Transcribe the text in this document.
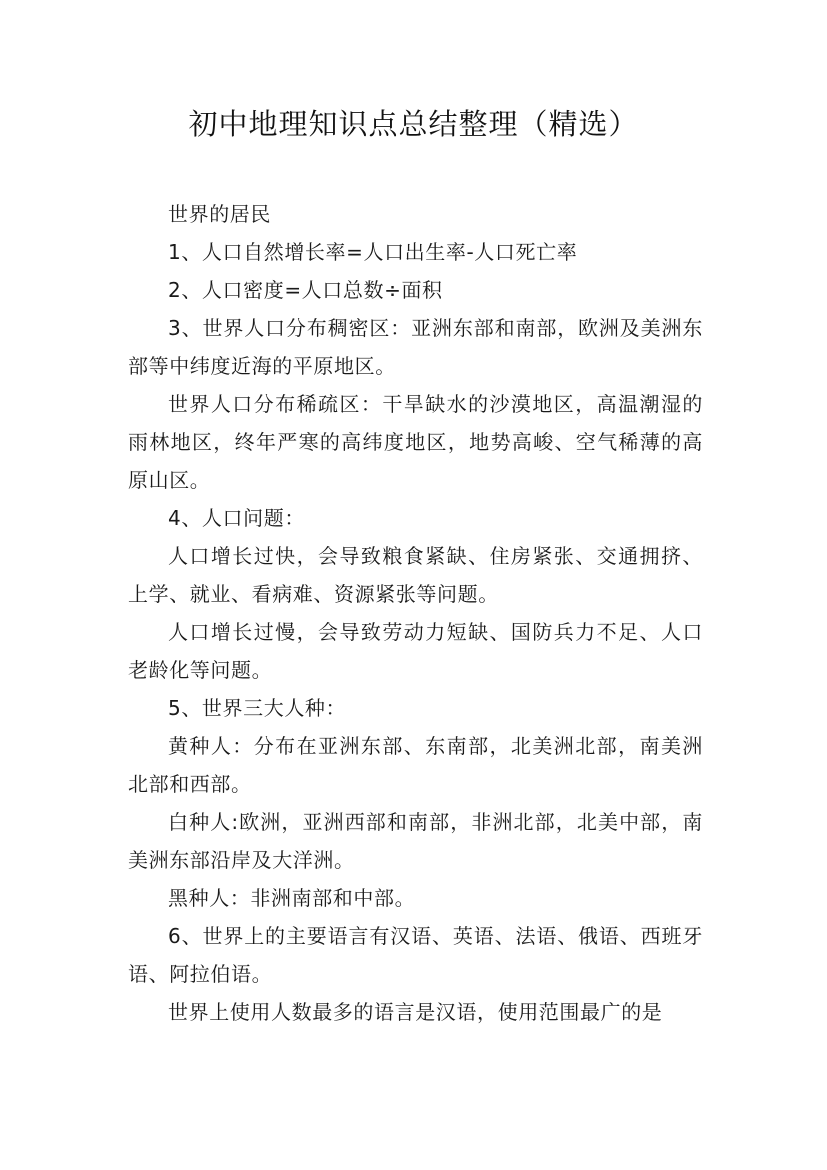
初中地理知识点总结整理（精选）

世界的居民

1、人口自然增长率=人口出生率-人口死亡率

2、人口密度=人口总数÷面积

3、世界人口分布稠密区：亚洲东部和南部，欧洲及美洲东部等中纬度近海的平原地区。

世界人口分布稀疏区：干旱缺水的沙漠地区，高温潮湿的雨林地区，终年严寒的高纬度地区，地势高峻、空气稀薄的高原山区。

4、人口问题：

人口增长过快，会导致粮食紧缺、住房紧张、交通拥挤、上学、就业、看病难、资源紧张等问题。

人口增长过慢，会导致劳动力短缺、国防兵力不足、人口老龄化等问题。

5、世界三大人种：

黄种人：分布在亚洲东部、东南部，北美洲北部，南美洲北部和西部。

白种人:欧洲，亚洲西部和南部，非洲北部，北美中部，南美洲东部沿岸及大洋洲。

黑种人：非洲南部和中部。

6、世界上的主要语言有汉语、英语、法语、俄语、西班牙语、阿拉伯语。

世界上使用人数最多的语言是汉语，使用范围最广的是
